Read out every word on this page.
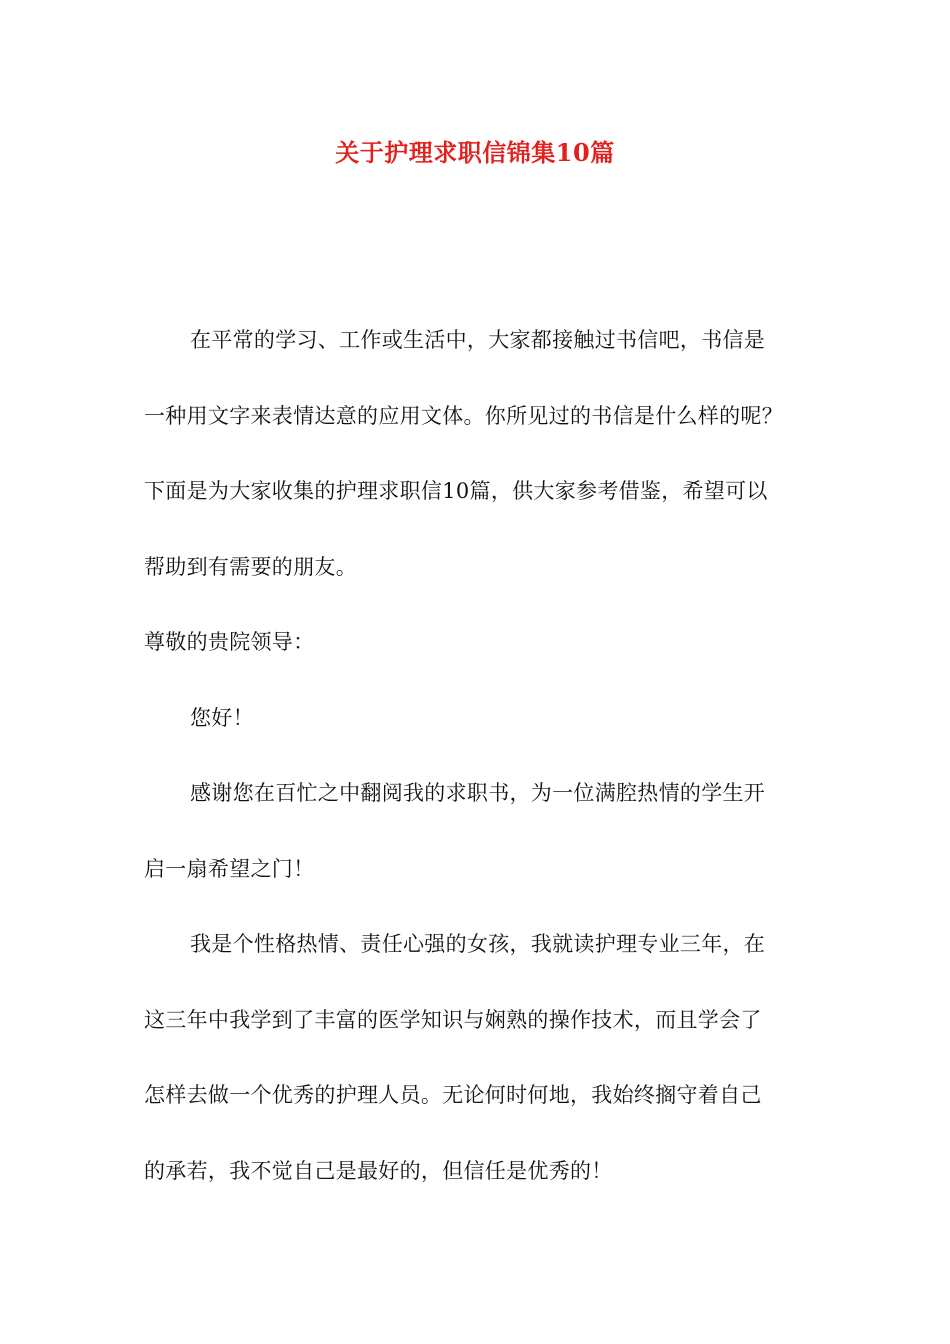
关于护理求职信锦集10篇
在平常的学习、工作或生活中，大家都接触过书信吧，书信是
一种用文字来表情达意的应用文体。你所见过的书信是什么样的呢？
下面是为大家收集的护理求职信10篇，供大家参考借鉴，希望可以
帮助到有需要的朋友。
尊敬的贵院领导：
您好！
感谢您在百忙之中翻阅我的求职书，为一位满腔热情的学生开
启一扇希望之门！
我是个性格热情、责任心强的女孩，我就读护理专业三年，在
这三年中我学到了丰富的医学知识与娴熟的操作技术，而且学会了
怎样去做一个优秀的护理人员。无论何时何地，我始终搁守着自己
的承若，我不觉自己是最好的，但信任是优秀的！
